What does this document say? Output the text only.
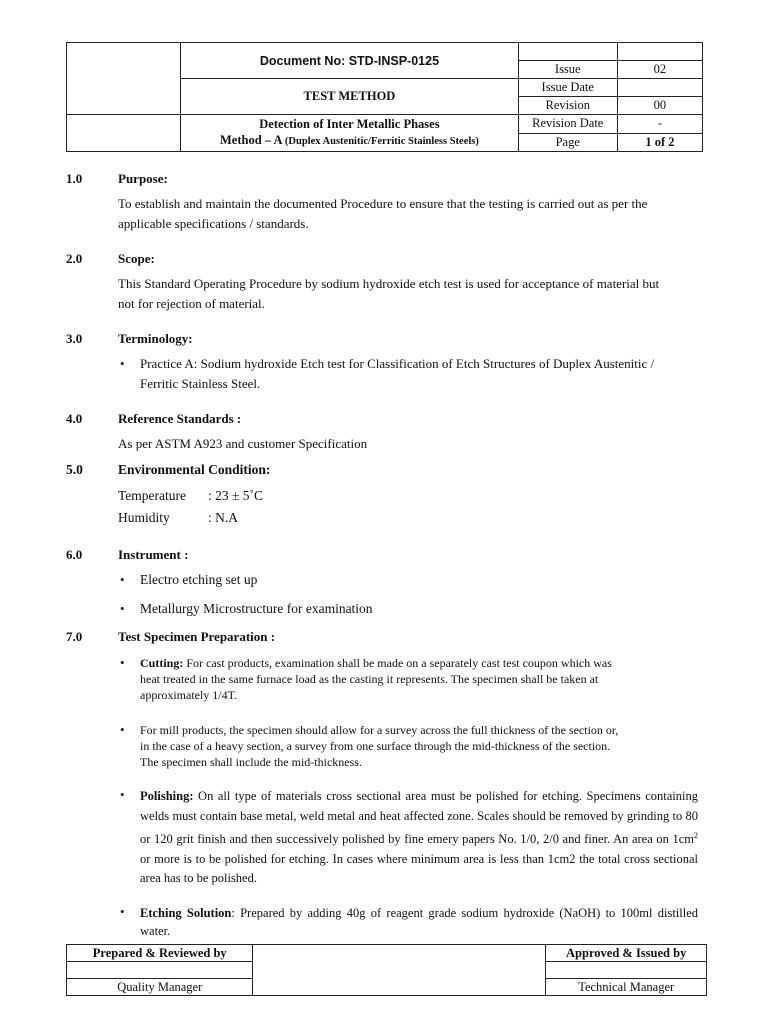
	Document No: STD-INSP-0125		
		Issue	02
	TEST METHOD	Issue Date	
		Revision	00

	Detection of Inter Metallic Phases
Method – A (Duplex Austenitic/Ferritic Stainless Steels)	Revision Date	-
		Page	1 of 2
1.0	Purpose:
To establish and maintain the documented Procedure to ensure that the testing is carried out as per the
applicable specifications / standards.
2.0	Scope:
This Standard Operating Procedure by sodium hydroxide etch test is used for acceptance of material but
not for rejection of material.
3.0	Terminology:
• Practice A: Sodium hydroxide Etch test for Classification of Etch Structures of Duplex Austenitic /
Ferritic Stainless Steel.
4.0	Reference Standards :
As per ASTM A923 and customer Specification
5.0	Environmental Condition:
Temperature : 23 ± 5˚C
Humidity	: N.A
6.0	Instrument :
• Electro etching set up
• Metallurgy Microstructure for examination
7.0	Test Specimen Preparation :
• Cutting: For cast products, examination shall be made on a separately cast test coupon which was
heat treated in the same furnace load as the casting it represents. The specimen shall be taken at
approximately 1/4T.
• For mill products, the specimen should allow for a survey across the full thickness of the section or,
in the case of a heavy section, a survey from one surface through the mid-thickness of the section.
The specimen shall include the mid-thickness.
• Polishing: On all type of materials cross sectional area must be polished for etching. Specimens containing welds must contain base metal, weld metal and heat affected zone. Scales should be removed by grinding to 80 or 120 grit finish and then successively polished by fine emery papers No. 1/0, 2/0 and finer. An area on $1cm^2$ or more is to be polished for etching. In cases where minimum area is less than 1cm2 the total cross sectional area has to be polished.
• Etching Solution: Prepared by adding 40g of reagent grade sodium hydroxide (NaOH) to 100ml distilled water.
Prepared & Reviewed by		Approved & Issued by

Quality Manager		Technical Manager
